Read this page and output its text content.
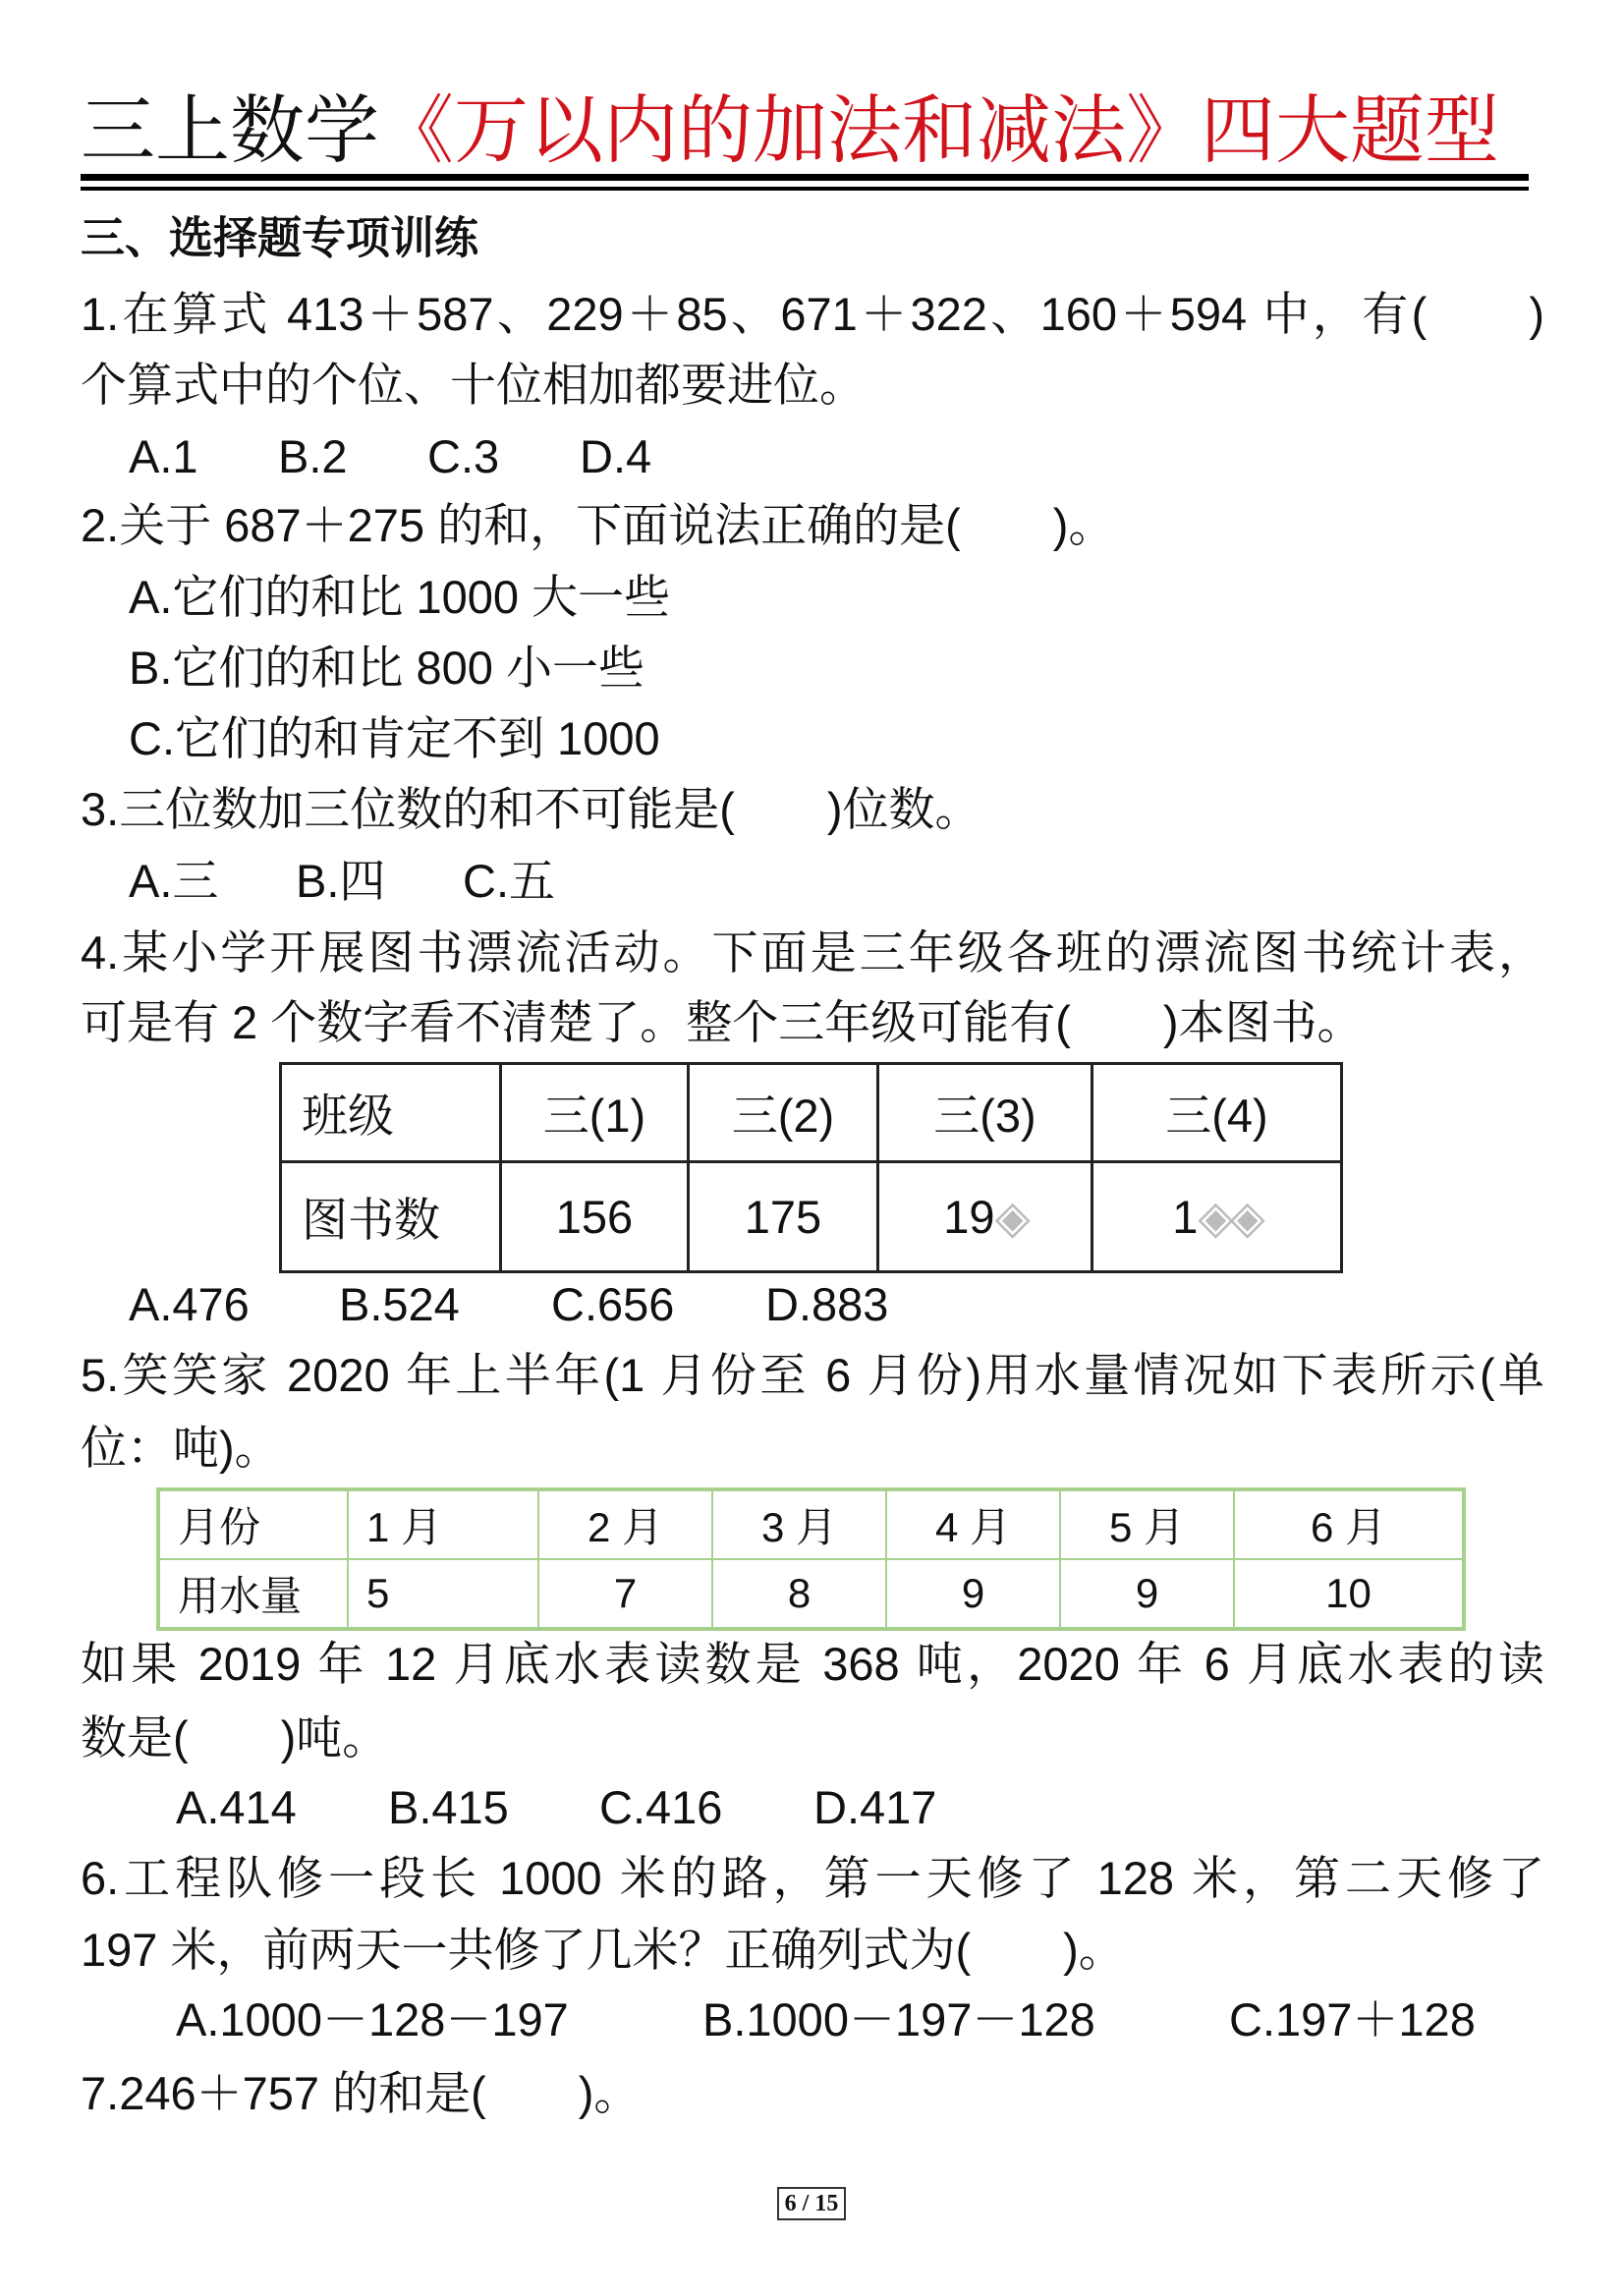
三上数学《万以内的加法和减法》四大题型
三、选择题专项训练
1.在算式 413＋587、229＋85、671＋322、160＋594 中，有(　　)
个算式中的个位、十位相加都要进位。
A.1 B.2 C.3 D.4
2.关于 687＋275 的和，下面说法正确的是(　　)。
A.它们的和比 1000 大一些
B.它们的和比 800 小一些
C.它们的和肯定不到 1000
3.三位数加三位数的和不可能是(　　)位数。
A.三 B.四 C.五
4.某小学开展图书漂流活动。下面是三年级各班的漂流图书统计表，
可是有 2 个数字看不清楚了。整个三年级可能有(　　)本图书。
班级	三(1)	三(2)	三(3)	三(4)
图书数	156	175	19◈	1◈◈
A.476 B.524 C.656 D.883
5.笑笑家 2020 年上半年(1 月份至 6 月份)用水量情况如下表所示(单
位：吨)。
月份	1 月	2 月	3 月	4 月	5 月	6 月
用水量	5	7	8	9	9	10
如果 2019 年 12 月底水表读数是 368 吨，2020 年 6 月底水表的读
数是(　　)吨。
A.414 B.415 C.416 D.417
6.工程队修一段长 1000 米的路，第一天修了 128 米，第二天修了
197 米，前两天一共修了几米？正确列式为(　　)。
A.1000－128－197	B.1000－197－128	C.197＋128
7.246＋757 的和是(　　)。
6 / 15
